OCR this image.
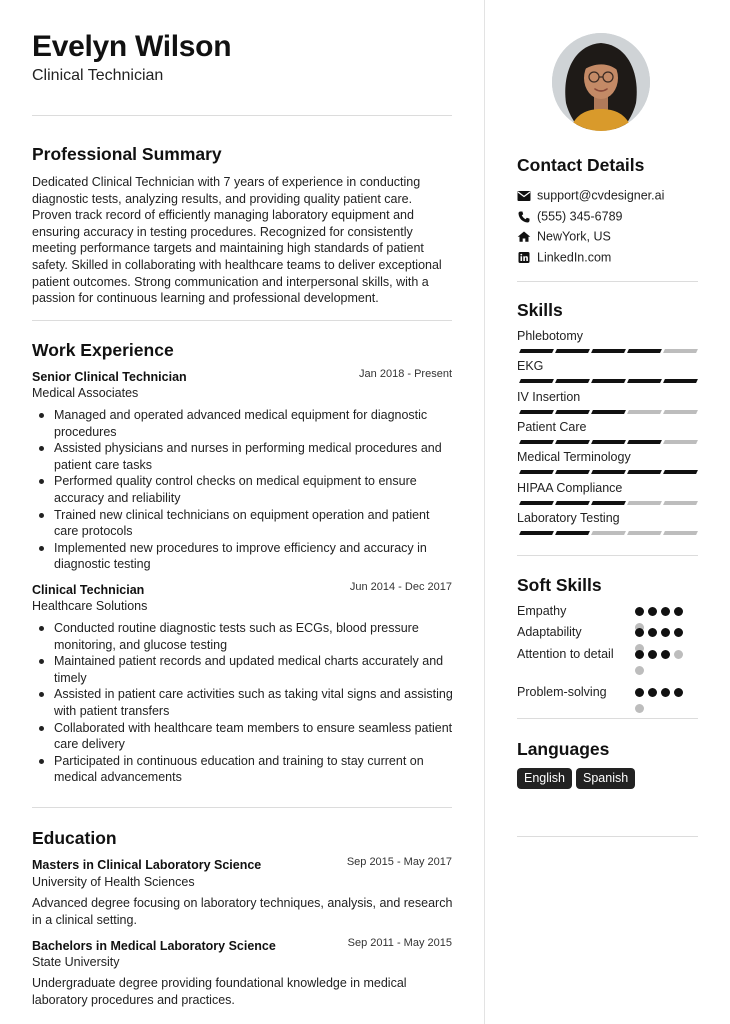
Evelyn Wilson
Clinical Technician
Professional Summary
Dedicated Clinical Technician with 7 years of experience in conducting diagnostic tests, analyzing results, and providing quality patient care. Proven track record of efficiently managing laboratory equipment and ensuring accuracy in testing procedures. Recognized for consistently meeting performance targets and maintaining high standards of patient safety. Skilled in collaborating with healthcare teams to deliver exceptional patient outcomes. Strong communication and interpersonal skills, with a passion for continuous learning and professional development.
Work Experience
Senior Clinical Technician	Jan 2018 - Present
Medical Associates
Managed and operated advanced medical equipment for diagnostic procedures
Assisted physicians and nurses in performing medical procedures and patient care tasks
Performed quality control checks on medical equipment to ensure accuracy and reliability
Trained new clinical technicians on equipment operation and patient care protocols
Implemented new procedures to improve efficiency and accuracy in diagnostic testing
Clinical Technician	Jun 2014 - Dec 2017
Healthcare Solutions
Conducted routine diagnostic tests such as ECGs, blood pressure monitoring, and glucose testing
Maintained patient records and updated medical charts accurately and timely
Assisted in patient care activities such as taking vital signs and assisting with patient transfers
Collaborated with healthcare team members to ensure seamless patient care delivery
Participated in continuous education and training to stay current on medical advancements
Education
Masters in Clinical Laboratory Science	Sep 2015 - May 2017
University of Health Sciences
Advanced degree focusing on laboratory techniques, analysis, and research in a clinical setting.
Bachelors in Medical Laboratory Science	Sep 2011 - May 2015
State University
Undergraduate degree providing foundational knowledge in medical laboratory procedures and practices.
Contact Details
support@cvdesigner.ai
(555) 345-6789
NewYork, US
LinkedIn.com
Skills
Phlebotomy
EKG
IV Insertion
Patient Care
Medical Terminology
HIPAA Compliance
Laboratory Testing
Soft Skills
Empathy
Adaptability
Attention to detail
Problem-solving
Languages
English	Spanish
